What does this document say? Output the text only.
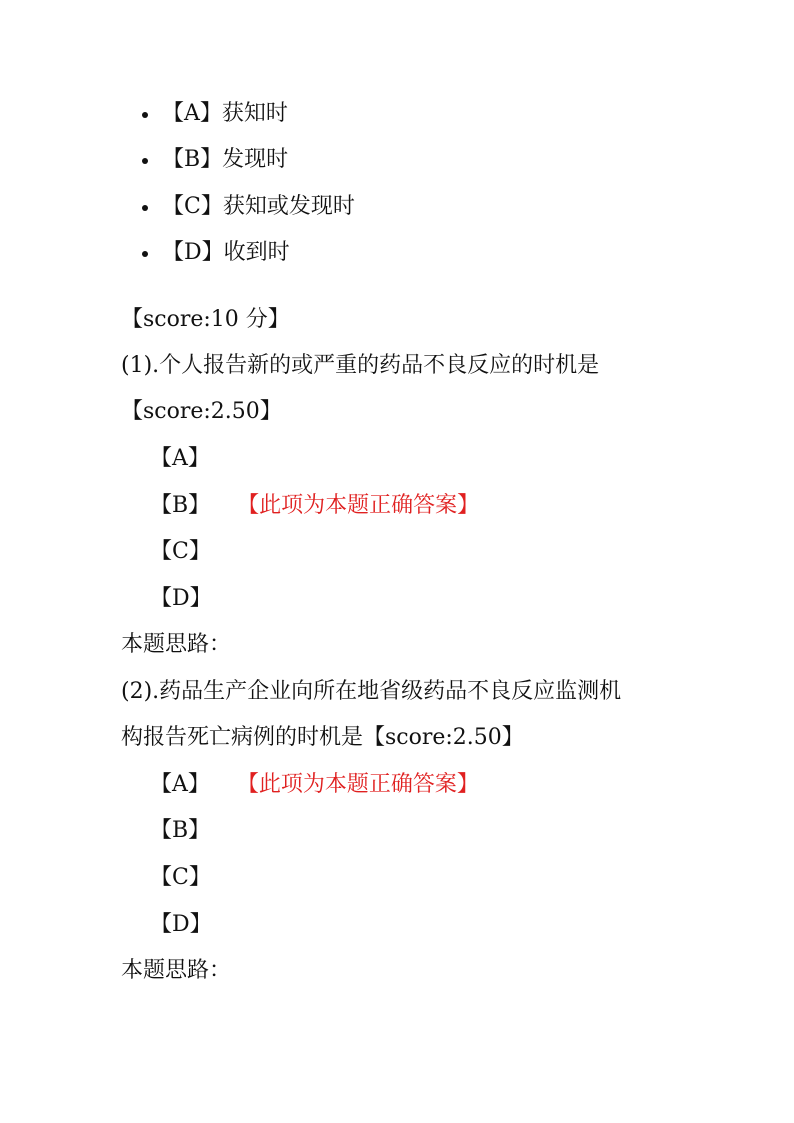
【A】获知时
【B】发现时
【C】获知或发现时
【D】收到时
【score:10 分】
(1).个人报告新的或严重的药品不良反应的时机是
【score:2.50】
【A】
【B】 【此项为本题正确答案】
【C】
【D】
本题思路：
(2).药品生产企业向所在地省级药品不良反应监测机
构报告死亡病例的时机是【score:2.50】
【A】 【此项为本题正确答案】
【B】
【C】
【D】
本题思路：
